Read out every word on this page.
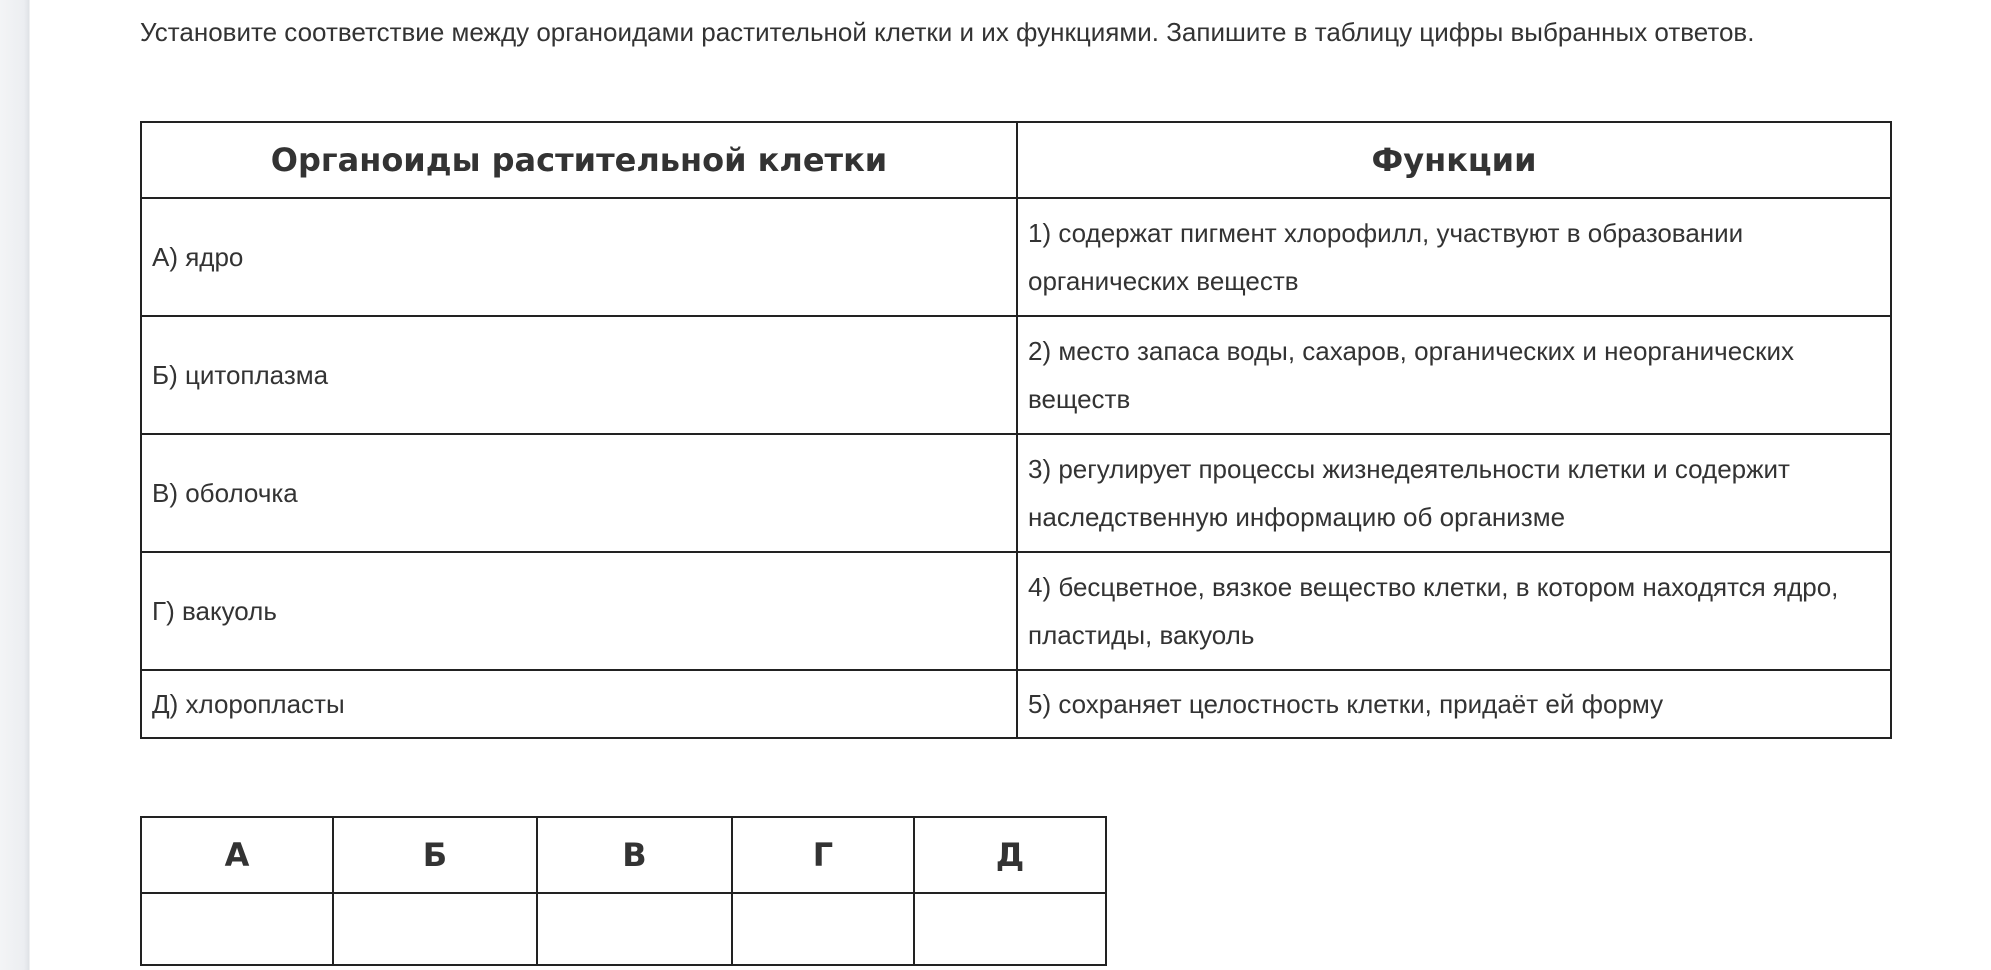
Установите соответствие между органоидами растительной клетки и их функциями. Запишите в таблицу цифры выбранных ответов.

Органоиды растительной клетки	Функции
А) ядро	1) содержат пигмент хлорофилл, участвуют в образовании органических веществ
Б) цитоплазма	2) место запаса воды, сахаров, органических и неорганических веществ
В) оболочка	3) регулирует процессы жизнедеятельности клетки и содержит наследственную информацию об организме
Г) вакуоль	4) бесцветное, вязкое вещество клетки, в котором находятся ядро, пластиды, вакуоль
Д) хлоропласты	5) сохраняет целостность клетки, придаёт ей форму
А	Б	В	Г	Д
